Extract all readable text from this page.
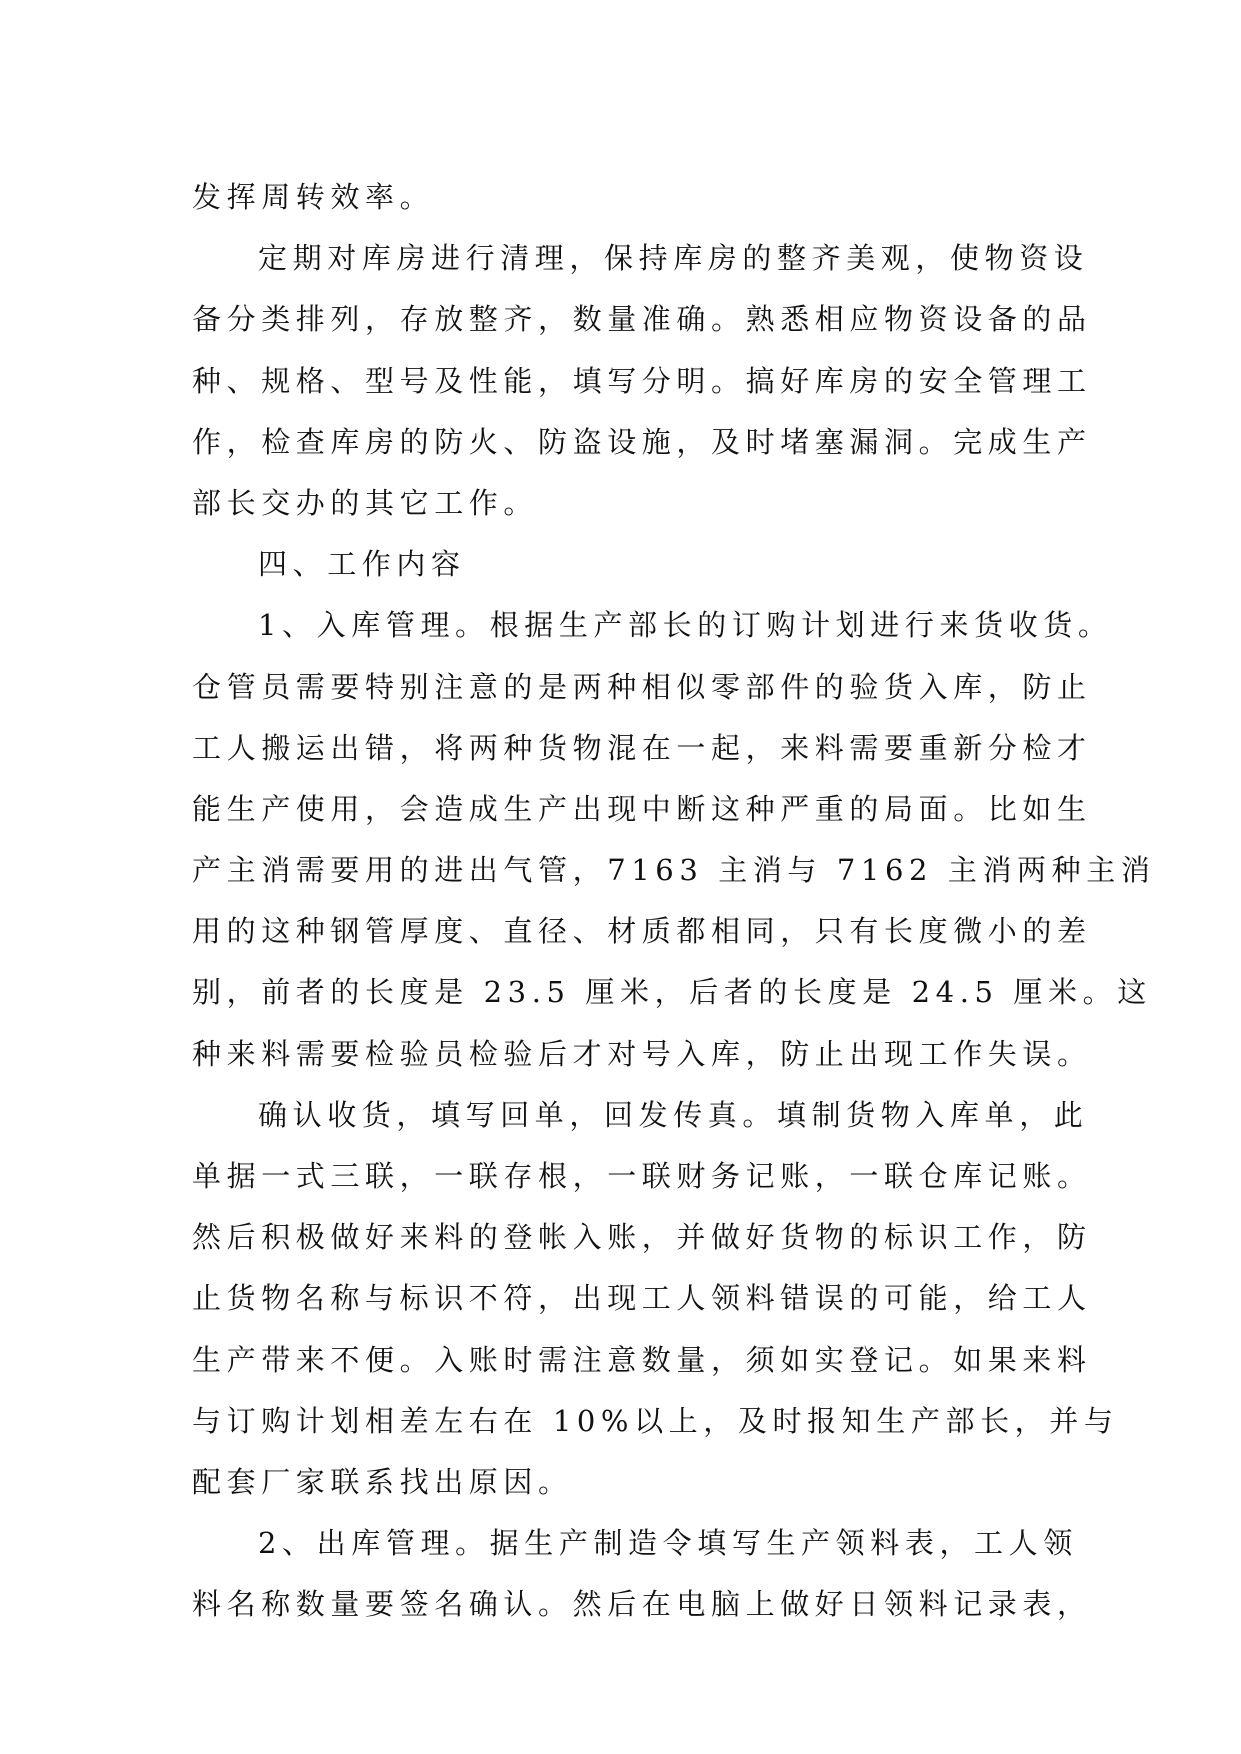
发挥周转效率。

定期对库房进行清理，保持库房的整齐美观，使物资设

备分类排列，存放整齐，数量准确。熟悉相应物资设备的品

种、规格、型号及性能，填写分明。搞好库房的安全管理工

作，检查库房的防火、防盗设施，及时堵塞漏洞。完成生产

部长交办的其它工作。

四、工作内容

1、入库管理。根据生产部长的订购计划进行来货收货。

仓管员需要特别注意的是两种相似零部件的验货入库，防止

工人搬运出错，将两种货物混在一起，来料需要重新分检才

能生产使用，会造成生产出现中断这种严重的局面。比如生

产主消需要用的进出气管，7163 主消与 7162 主消两种主消

用的这种钢管厚度、直径、材质都相同，只有长度微小的差

别，前者的长度是 23.5 厘米，后者的长度是 24.5 厘米。这

种来料需要检验员检验后才对号入库，防止出现工作失误。

确认收货，填写回单，回发传真。填制货物入库单，此

单据一式三联，一联存根，一联财务记账，一联仓库记账。

然后积极做好来料的登帐入账，并做好货物的标识工作，防

止货物名称与标识不符，出现工人领料错误的可能，给工人

生产带来不便。入账时需注意数量，须如实登记。如果来料

与订购计划相差左右在 10%以上，及时报知生产部长，并与

配套厂家联系找出原因。

2、出库管理。据生产制造令填写生产领料表，工人领

料名称数量要签名确认。然后在电脑上做好日领料记录表，
